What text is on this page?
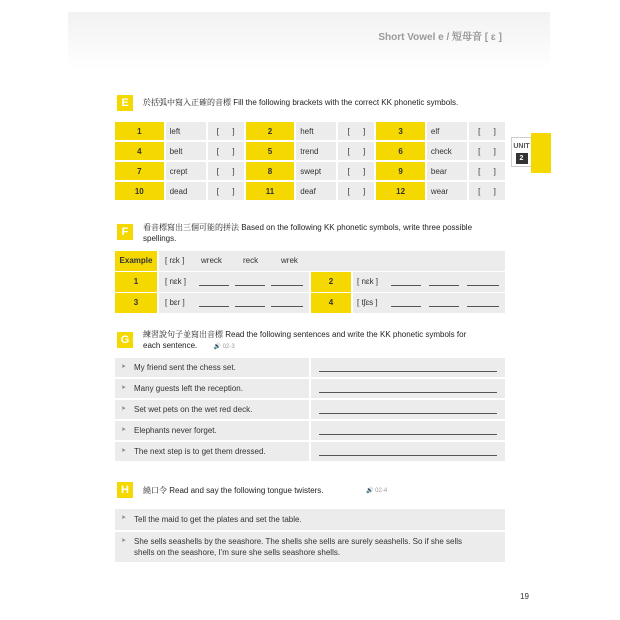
Short Vowel e / 短母音 [ ɛ ]
UNIT
2
E	於括弧中寫入正確的音標 Fill the following brackets with the correct KK phonetic symbols.
1	left	[      ]	2	heft	[      ]	3	elf	[      ]
4	belt	[      ]	5	trend	[      ]	6	check	[      ]
7	crept	[      ]	8	swept	[      ]	9	bear	[      ]
10	dead	[      ]	11	deaf	[      ]	12	wear	[      ]
F	看音標寫出三個可能的拼法 Based on the following KK phonetic symbols, write three possible
spellings.
Example	[ rɛk ] wreck	reck	wrek
1	[ nɛk ]	2	[ nɛk ]
3	[ bɛr ]	4	[ tʃɛs ]
G	練習說句子並寫出音標 Read the following sentences and write the KK phonetic symbols for
each sentence.	🔊 02-3
➤ My friend sent the chess set.
➤ Many guests left the reception.
➤ Set wet pets on the wet red deck.
➤ Elephants never forget.
➤ The next step is to get them dressed.
H	繞口令 Read and say the following tongue twisters.	🔊 02-4
➤ Tell the maid to get the plates and set the table.
➤ She sells seashells by the seashore. The shells she sells are surely seashells. So if she sells
shells on the seashore, I'm sure she sells seashore shells.
19
